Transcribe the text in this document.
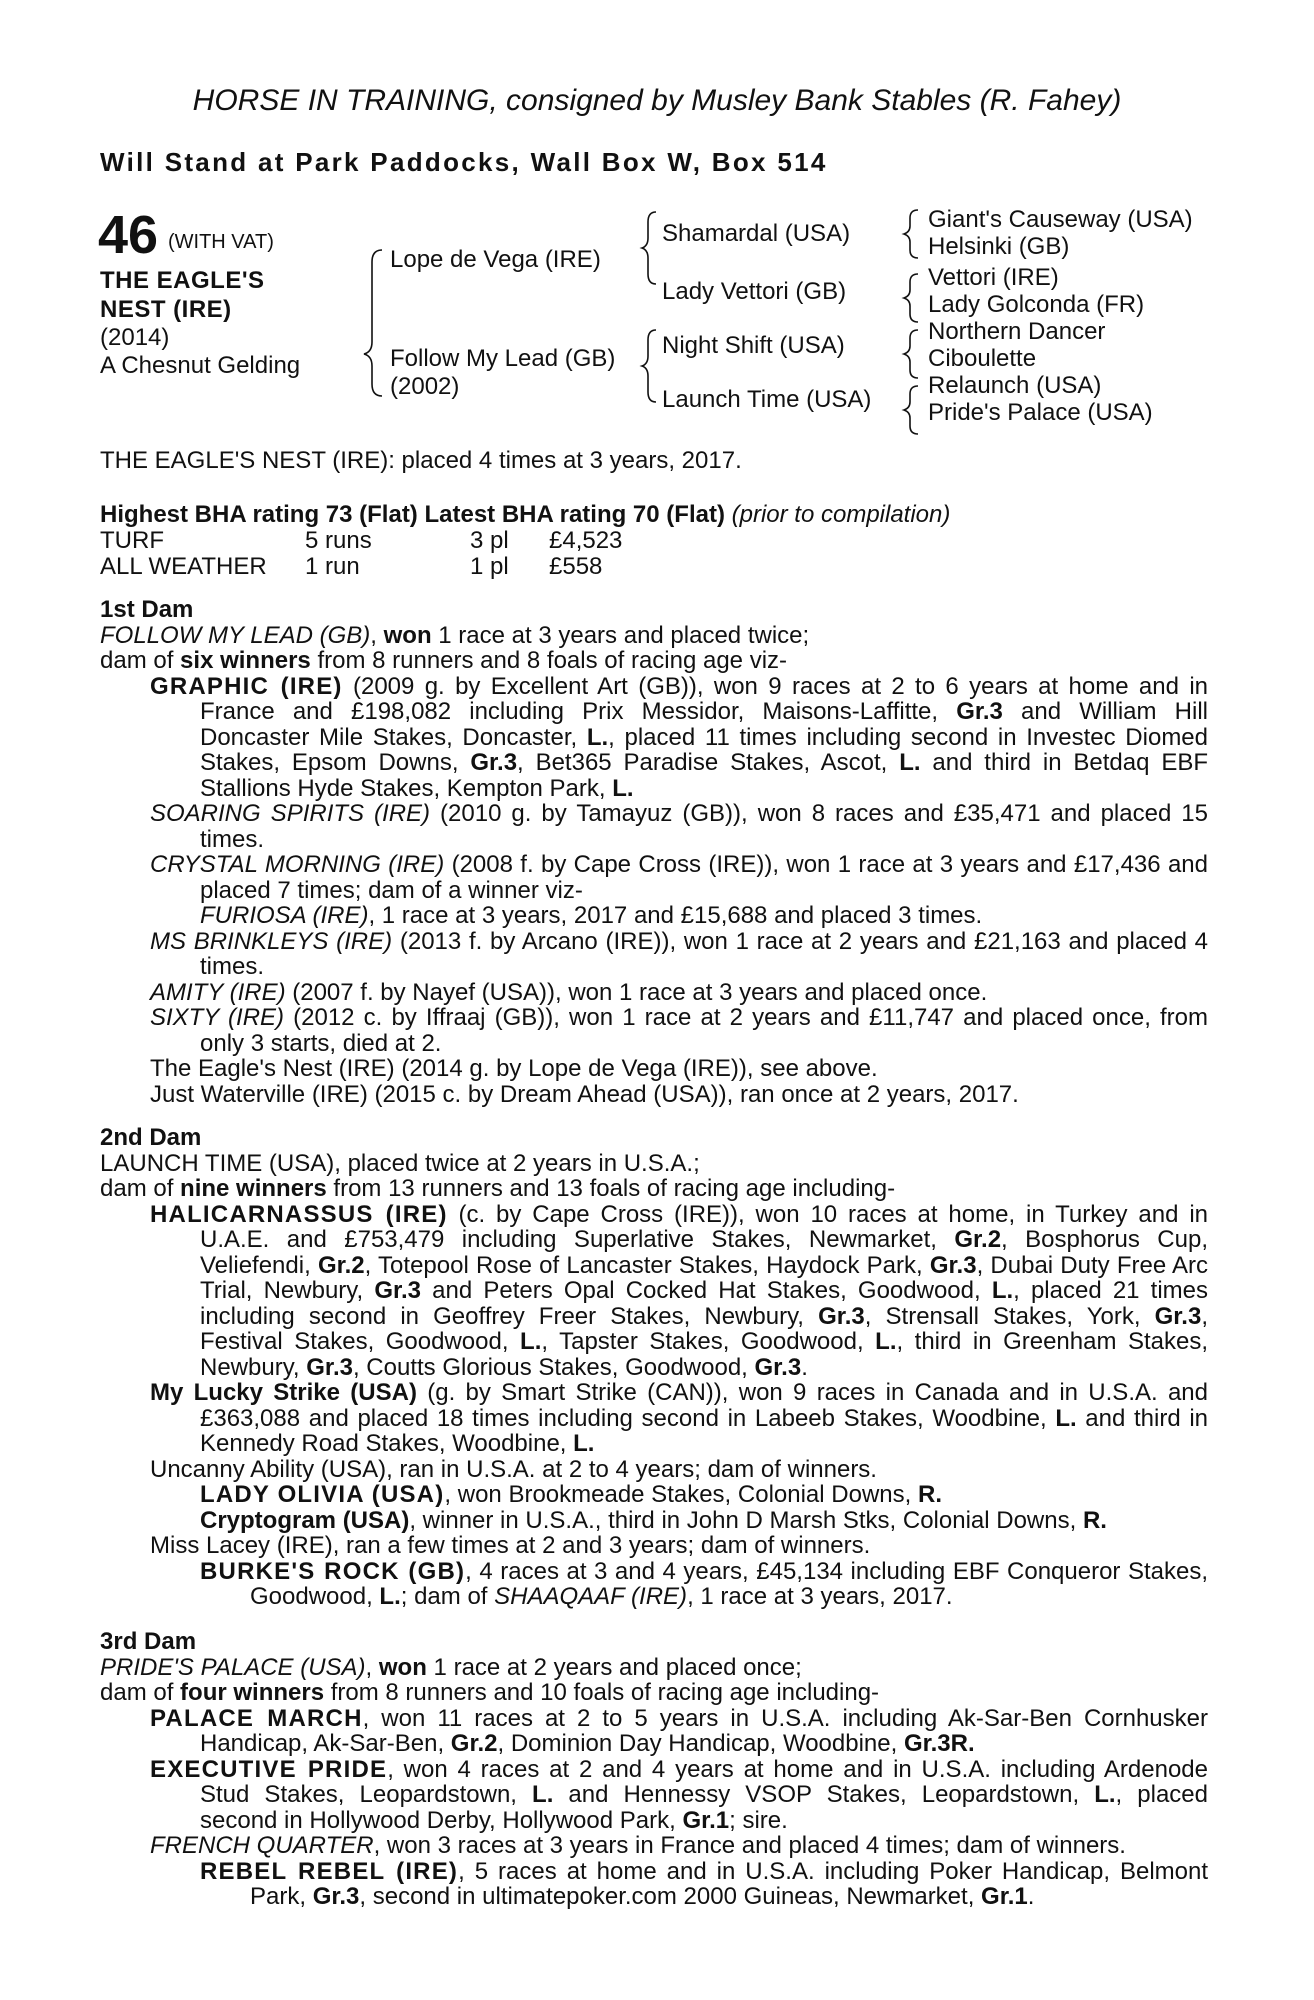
HORSE IN TRAINING, consigned by Musley Bank Stables (R. Fahey)
Will Stand at Park Paddocks, Wall Box W, Box 514
46 (WITH VAT)
THE EAGLE'S
NEST (IRE)
(2014)
A Chesnut Gelding
Lope de Vega (IRE)
Follow My Lead (GB)
(2002)
Shamardal (USA)
Lady Vettori (GB)
Night Shift (USA)
Launch Time (USA)
Giant's Causeway (USA)
Helsinki (GB)
Vettori (IRE)
Lady Golconda (FR)
Northern Dancer
Ciboulette
Relaunch (USA)
Pride's Palace (USA)
THE EAGLE'S NEST (IRE): placed 4 times at 3 years, 2017.
Highest BHA rating 73 (Flat) Latest BHA rating 70 (Flat) (prior to compilation)
TURF	5 runs	3 pl £4,523
ALL WEATHER 1 run	1 pl £558

1st Dam

FOLLOW MY LEAD (GB), won 1 race at 3 years and placed twice;

dam of six winners from 8 runners and 8 foals of racing age viz-

GRAPHIC (IRE) (2009 g. by Excellent Art (GB)), won 9 races at 2 to 6 years at home and in France and £198,082 including Prix Messidor, Maisons-Laffitte, Gr.3 and William Hill Doncaster Mile Stakes, Doncaster, L., placed 11 times including second in Investec Diomed Stakes, Epsom Downs, Gr.3, Bet365 Paradise Stakes, Ascot, L. and third in Betdaq EBF Stallions Hyde Stakes, Kempton Park, L.

SOARING SPIRITS (IRE) (2010 g. by Tamayuz (GB)), won 8 races and £35,471 and placed 15 times.

CRYSTAL MORNING (IRE) (2008 f. by Cape Cross (IRE)), won 1 race at 3 years and £17,436 and placed 7 times; dam of a winner viz-

FURIOSA (IRE), 1 race at 3 years, 2017 and £15,688 and placed 3 times.

MS BRINKLEYS (IRE) (2013 f. by Arcano (IRE)), won 1 race at 2 years and £21,163 and placed 4 times.

AMITY (IRE) (2007 f. by Nayef (USA)), won 1 race at 3 years and placed once.

SIXTY (IRE) (2012 c. by Iffraaj (GB)), won 1 race at 2 years and £11,747 and placed once, from only 3 starts, died at 2.

The Eagle's Nest (IRE) (2014 g. by Lope de Vega (IRE)), see above.

Just Waterville (IRE) (2015 c. by Dream Ahead (USA)), ran once at 2 years, 2017.

2nd Dam

LAUNCH TIME (USA), placed twice at 2 years in U.S.A.;

dam of nine winners from 13 runners and 13 foals of racing age including-

HALICARNASSUS (IRE) (c. by Cape Cross (IRE)), won 10 races at home, in Turkey and in U.A.E. and £753,479 including Superlative Stakes, Newmarket, Gr.2, Bosphorus Cup, Veliefendi, Gr.2, Totepool Rose of Lancaster Stakes, Haydock Park, Gr.3, Dubai Duty Free Arc Trial, Newbury, Gr.3 and Peters Opal Cocked Hat Stakes, Goodwood, L., placed 21 times including second in Geoffrey Freer Stakes, Newbury, Gr.3, Strensall Stakes, York, Gr.3, Festival Stakes, Goodwood, L., Tapster Stakes, Goodwood, L., third in Greenham Stakes, Newbury, Gr.3, Coutts Glorious Stakes, Goodwood, Gr.3.

My Lucky Strike (USA) (g. by Smart Strike (CAN)), won 9 races in Canada and in U.S.A. and £363,088 and placed 18 times including second in Labeeb Stakes, Woodbine, L. and third in Kennedy Road Stakes, Woodbine, L.

Uncanny Ability (USA), ran in U.S.A. at 2 to 4 years; dam of winners.

LADY OLIVIA (USA), won Brookmeade Stakes, Colonial Downs, R.

Cryptogram (USA), winner in U.S.A., third in John D Marsh Stks, Colonial Downs, R.

Miss Lacey (IRE), ran a few times at 2 and 3 years; dam of winners.

BURKE'S ROCK (GB), 4 races at 3 and 4 years, £45,134 including EBF Conqueror Stakes, Goodwood, L.; dam of SHAAQAAF (IRE), 1 race at 3 years, 2017.

3rd Dam

PRIDE'S PALACE (USA), won 1 race at 2 years and placed once;

dam of four winners from 8 runners and 10 foals of racing age including-

PALACE MARCH, won 11 races at 2 to 5 years in U.S.A. including Ak-Sar-Ben Cornhusker Handicap, Ak-Sar-Ben, Gr.2, Dominion Day Handicap, Woodbine, Gr.3R.

EXECUTIVE PRIDE, won 4 races at 2 and 4 years at home and in U.S.A. including Ardenode Stud Stakes, Leopardstown, L. and Hennessy VSOP Stakes, Leopardstown, L., placed second in Hollywood Derby, Hollywood Park, Gr.1; sire.

FRENCH QUARTER, won 3 races at 3 years in France and placed 4 times; dam of winners.

REBEL REBEL (IRE), 5 races at home and in U.S.A. including Poker Handicap, Belmont Park, Gr.3, second in ultimatepoker.com 2000 Guineas, Newmarket, Gr.1.
